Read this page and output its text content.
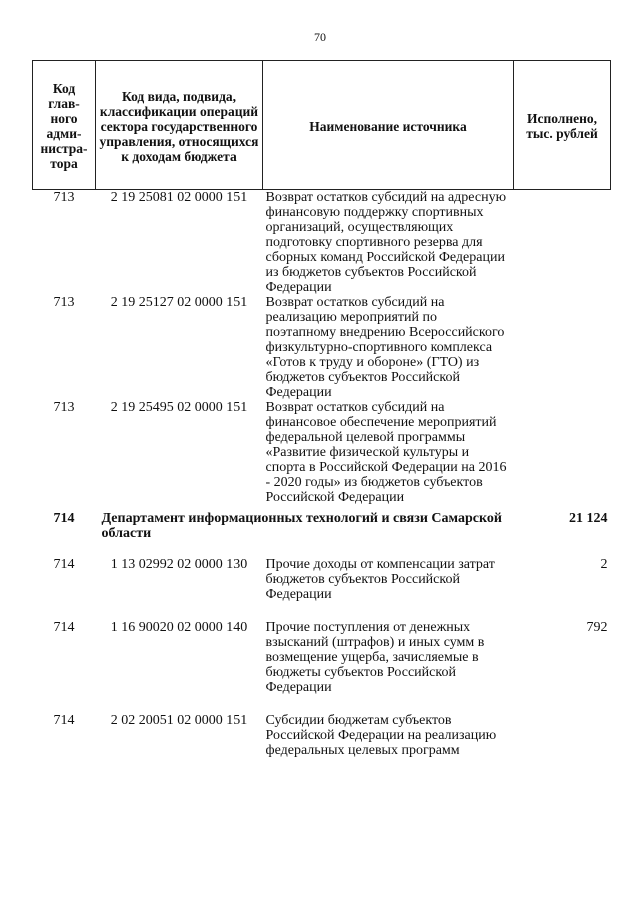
70
Код глав-ного адми-нистра-тора	Код вида, подвида, классификации операций сектора государственного управления, относящихся к доходам бюджета	Наименование источника	Исполнено, тыс. рублей
713	2 19 25081 02 0000 151	Возврат остатков субсидий на адресную финансовую поддержку спортивных организаций, осуществляющих подготовку спортивного резерва для сборных команд Российской Федерации из бюджетов субъектов Российской Федерации	
713	2 19 25127 02 0000 151	Возврат остатков субсидий на реализацию мероприятий по поэтапному внедрению Всероссийского физкультурно-спортивного комплекса «Готов к труду и обороне» (ГТО) из бюджетов субъектов Российской Федерации	
713	2 19 25495 02 0000 151	Возврат остатков субсидий на финансовое обеспечение мероприятий федеральной целевой программы «Развитие физической культуры и спорта в Российской Федерации на 2016 - 2020 годы» из бюджетов субъектов Российской Федерации	
714	Департамент информационных технологий и связи Самарской области		21 124
714	1 13 02992 02 0000 130	Прочие доходы от компенсации затрат бюджетов субъектов Российской Федерации	2
714	1 16 90020 02 0000 140	Прочие поступления от денежных взысканий (штрафов) и иных сумм в возмещение ущерба, зачисляемые в бюджеты субъектов Российской Федерации	792
714	2 02 20051 02 0000 151	Субсидии бюджетам субъектов Российской Федерации на реализацию федеральных целевых программ	
